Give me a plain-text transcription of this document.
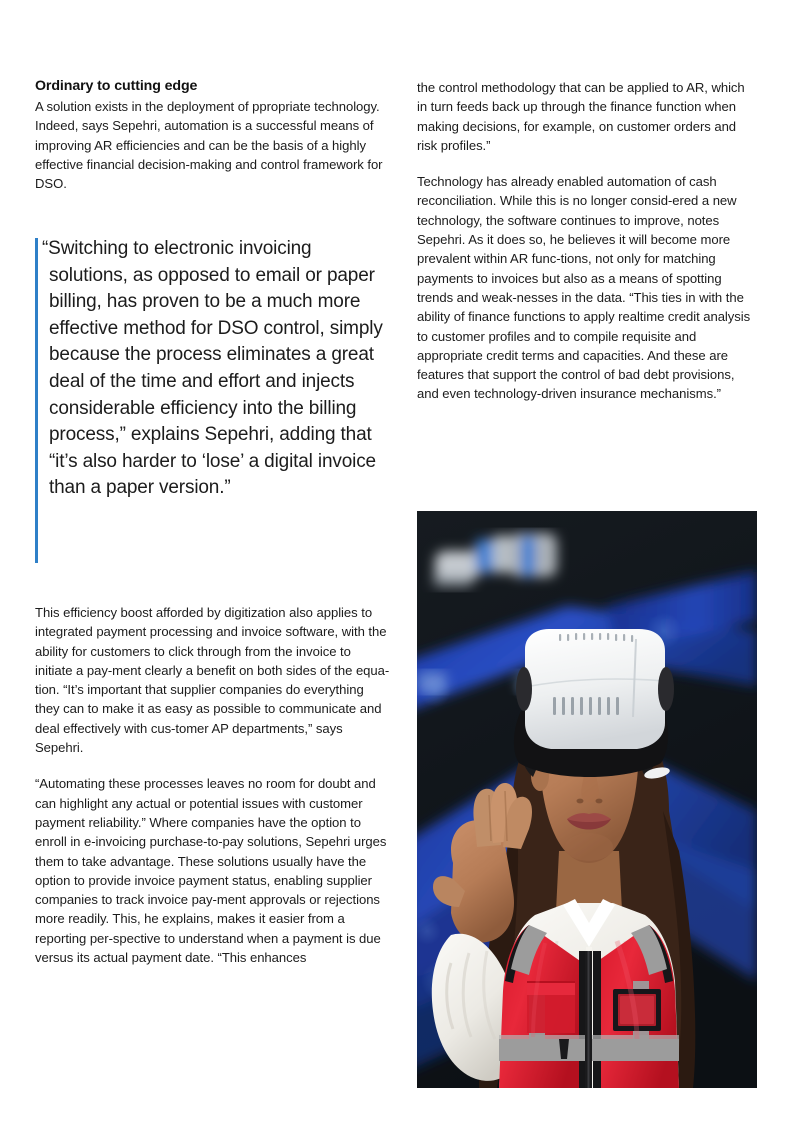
Ordinary to cutting edge

A solution exists in the deployment of ppropriate technology. Indeed, says Sepehri, automation is a successful means of improving AR efficiencies and can be the basis of a highly effective financial decision-making and control framework for DSO.

“Switching to electronic invoicing solutions, as opposed to email or paper billing, has proven to be a much more effective method for DSO control, simply because the process eliminates a great deal of the time and effort and injects considerable efficiency into the billing process,” explains Sepehri, adding that “it’s also harder to ‘lose’ a digital invoice than a paper version.”

This efficiency boost afforded by digitization also applies to integrated payment processing and invoice software, with the ability for customers to click through from the invoice to initiate a pay-ment clearly a benefit on both sides of the equa-tion. “It’s important that supplier companies do everything they can to make it as easy as possible to communicate and deal effectively with cus-tomer AP departments,” says Sepehri.

“Automating these processes leaves no room for doubt and can highlight any actual or potential issues with customer payment reliability.” Where companies have the option to enroll in e-invoicing purchase-to-pay solutions, Sepehri urges them to take advantage. These solutions usually have the option to provide invoice payment status, enabling supplier companies to track invoice pay-ment approvals or rejections more readily. This, he explains, makes it easier from a reporting per-spective to understand when a payment is due versus its actual payment date. “This enhances

the control methodology that can be applied to AR, which in turn feeds back up through the finance function when making decisions, for example, on customer orders and risk profiles.”

Technology has already enabled automation of cash reconciliation. While this is no longer consid-ered a new technology, the software continues to improve, notes Sepehri. As it does so, he believes it will become more prevalent within AR func-tions, not only for matching payments to invoices but also as a means of spotting trends and weak-nesses in the data. “This ties in with the ability of finance functions to apply realtime credit analysis to customer profiles and to compile requisite and appropriate credit terms and capacities. And these are features that support the control of bad debt provisions, and even technology-driven insurance mechanisms.”
